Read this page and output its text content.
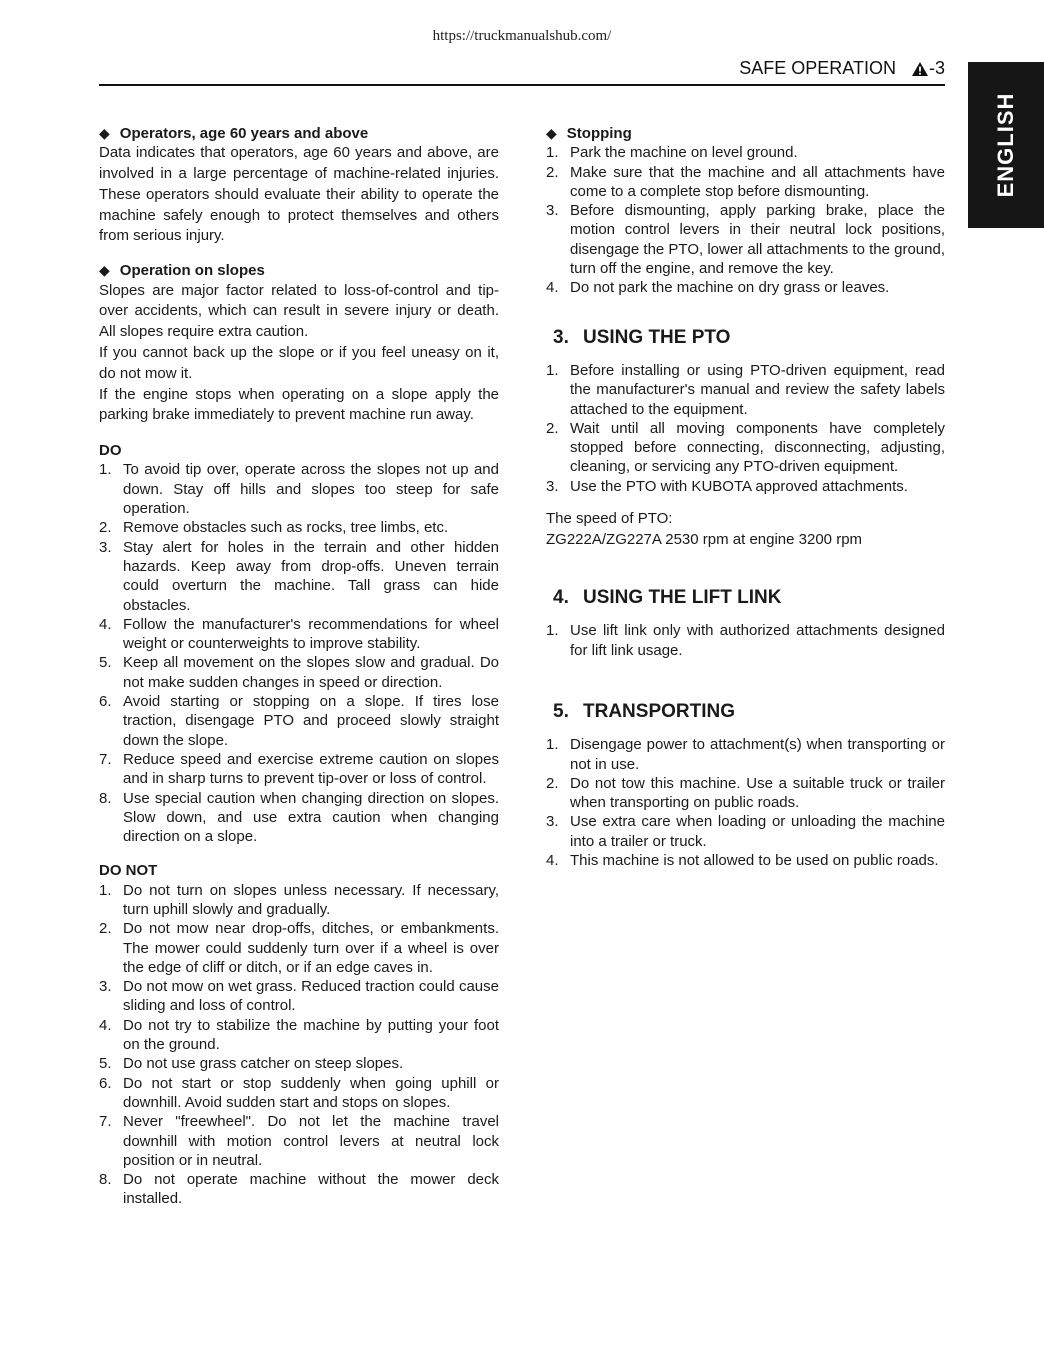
https://truckmanualshub.com/
SAFE OPERATION -3
ENGLISH
◆ Operators, age 60 years and above

Data indicates that operators, age 60 years and above, are involved in a large percentage of machine-related injuries. These operators should evaluate their ability to operate the machine safely enough to protect themselves and others from serious injury.

◆ Operation on slopes

Slopes are major factor related to loss-of-control and tip-over accidents, which can result in severe injury or death. All slopes require extra caution.

If you cannot back up the slope or if you feel uneasy on it, do not mow it.

If the engine stops when operating on a slope apply the parking brake immediately to prevent machine run away.

DO

1. To avoid tip over, operate across the slopes not up and down. Stay off hills and slopes too steep for safe operation.
2. Remove obstacles such as rocks, tree limbs, etc.
3. Stay alert for holes in the terrain and other hidden hazards. Keep away from drop-offs. Uneven terrain could overturn the machine. Tall grass can hide obstacles.
4. Follow the manufacturer's recommendations for wheel weight or counterweights to improve stability.
5. Keep all movement on the slopes slow and gradual. Do not make sudden changes in speed or direction.
6. Avoid starting or stopping on a slope. If tires lose traction, disengage PTO and proceed slowly straight down the slope.
7. Reduce speed and exercise extreme caution on slopes and in sharp turns to prevent tip-over or loss of control.
8. Use special caution when changing direction on slopes. Slow down, and use extra caution when changing direction on a slope.

DO NOT

1. Do not turn on slopes unless necessary. If necessary, turn uphill slowly and gradually.
2. Do not mow near drop-offs, ditches, or embankments. The mower could suddenly turn over if a wheel is over the edge of cliff or ditch, or if an edge caves in.
3. Do not mow on wet grass. Reduced traction could cause sliding and loss of control.
4. Do not try to stabilize the machine by putting your foot on the ground.
5. Do not use grass catcher on steep slopes.
6. Do not start or stop suddenly when going uphill or downhill. Avoid sudden start and stops on slopes.
7. Never "freewheel". Do not let the machine travel downhill with motion control levers at neutral lock position or in neutral.
8. Do not operate machine without the mower deck installed.
◆ Stopping
1. Park the machine on level ground.
2. Make sure that the machine and all attachments have come to a complete stop before dismounting.
3. Before dismounting, apply parking brake, place the motion control levers in their neutral lock positions, disengage the PTO, lower all attachments to the ground, turn off the engine, and remove the key.
4. Do not park the machine on dry grass or leaves.
3. USING THE PTO
1. Before installing or using PTO-driven equipment, read the manufacturer's manual and review the safety labels attached to the equipment.
2. Wait until all moving components have completely stopped before connecting, disconnecting, adjusting, cleaning, or servicing any PTO-driven equipment.
3. Use the PTO with KUBOTA approved attachments.

The speed of PTO:

ZG222A/ZG227A 2530 rpm at engine 3200 rpm

4. USING THE LIFT LINK
1. Use lift link only with authorized attachments designed for lift link usage.
5. TRANSPORTING
1. Disengage power to attachment(s) when transporting or not in use.
2. Do not tow this machine. Use a suitable truck or trailer when transporting on public roads.
3. Use extra care when loading or unloading the machine into a trailer or truck.
4. This machine is not allowed to be used on public roads.
